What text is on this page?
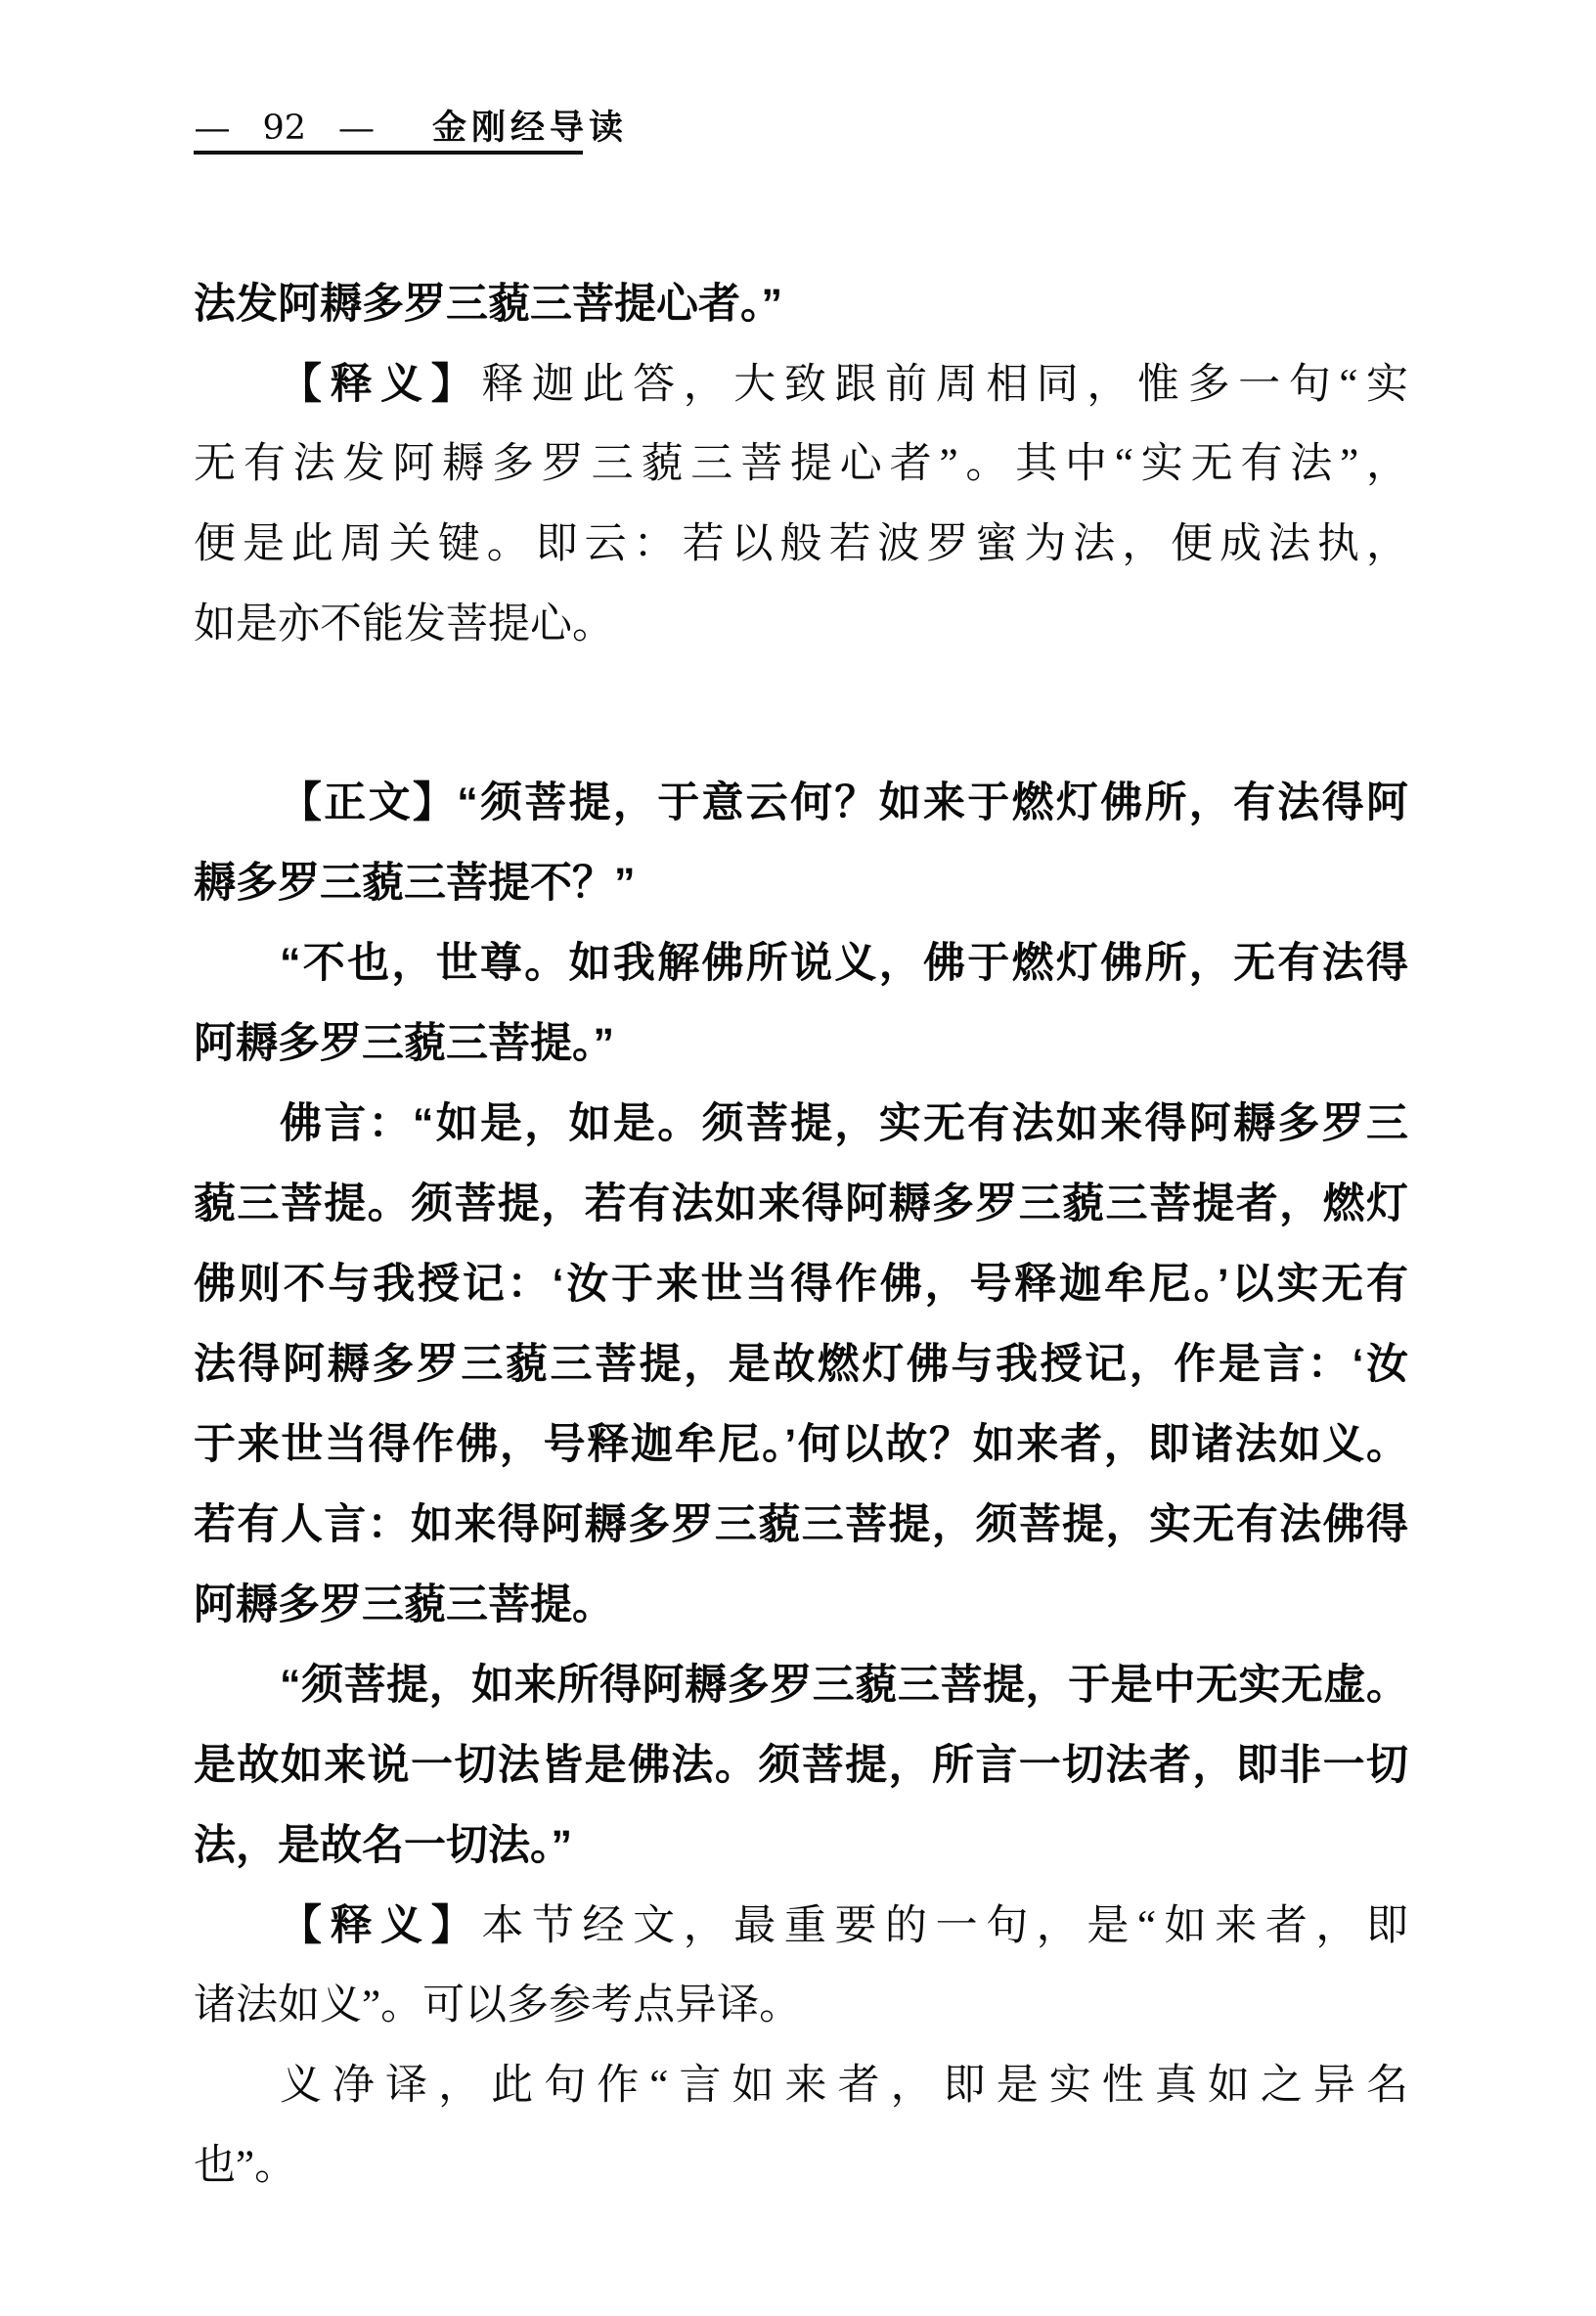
— 92 — 金刚经导读
法发阿耨多罗三藐三菩提心者。”
【释义】释迦此答，大致跟前周相同，惟多一句“实
无有法发阿耨多罗三藐三菩提心者”。其中“实无有法”，
便是此周关键。即云：若以般若波罗蜜为法，便成法执，
如是亦不能发菩提心。
【正文】“须菩提，于意云何？如来于燃灯佛所，有法得阿
耨多罗三藐三菩提不？”
“不也，世尊。如我解佛所说义，佛于燃灯佛所，无有法得
阿耨多罗三藐三菩提。”
佛言：“如是，如是。须菩提，实无有法如来得阿耨多罗三
藐三菩提。须菩提，若有法如来得阿耨多罗三藐三菩提者，燃灯
佛则不与我授记：‘汝于来世当得作佛，号释迦牟尼。’以实无有
法得阿耨多罗三藐三菩提，是故燃灯佛与我授记，作是言：‘汝
于来世当得作佛，号释迦牟尼。’何以故？如来者，即诸法如义。
若有人言：如来得阿耨多罗三藐三菩提，须菩提，实无有法佛得
阿耨多罗三藐三菩提。
“须菩提，如来所得阿耨多罗三藐三菩提，于是中无实无虚。
是故如来说一切法皆是佛法。须菩提，所言一切法者，即非一切
法，是故名一切法。”
【释义】本节经文，最重要的一句，是“如来者，即
诸法如义”。可以多参考点异译。
义净译，此句作“言如来者，即是实性真如之异名
也”。
